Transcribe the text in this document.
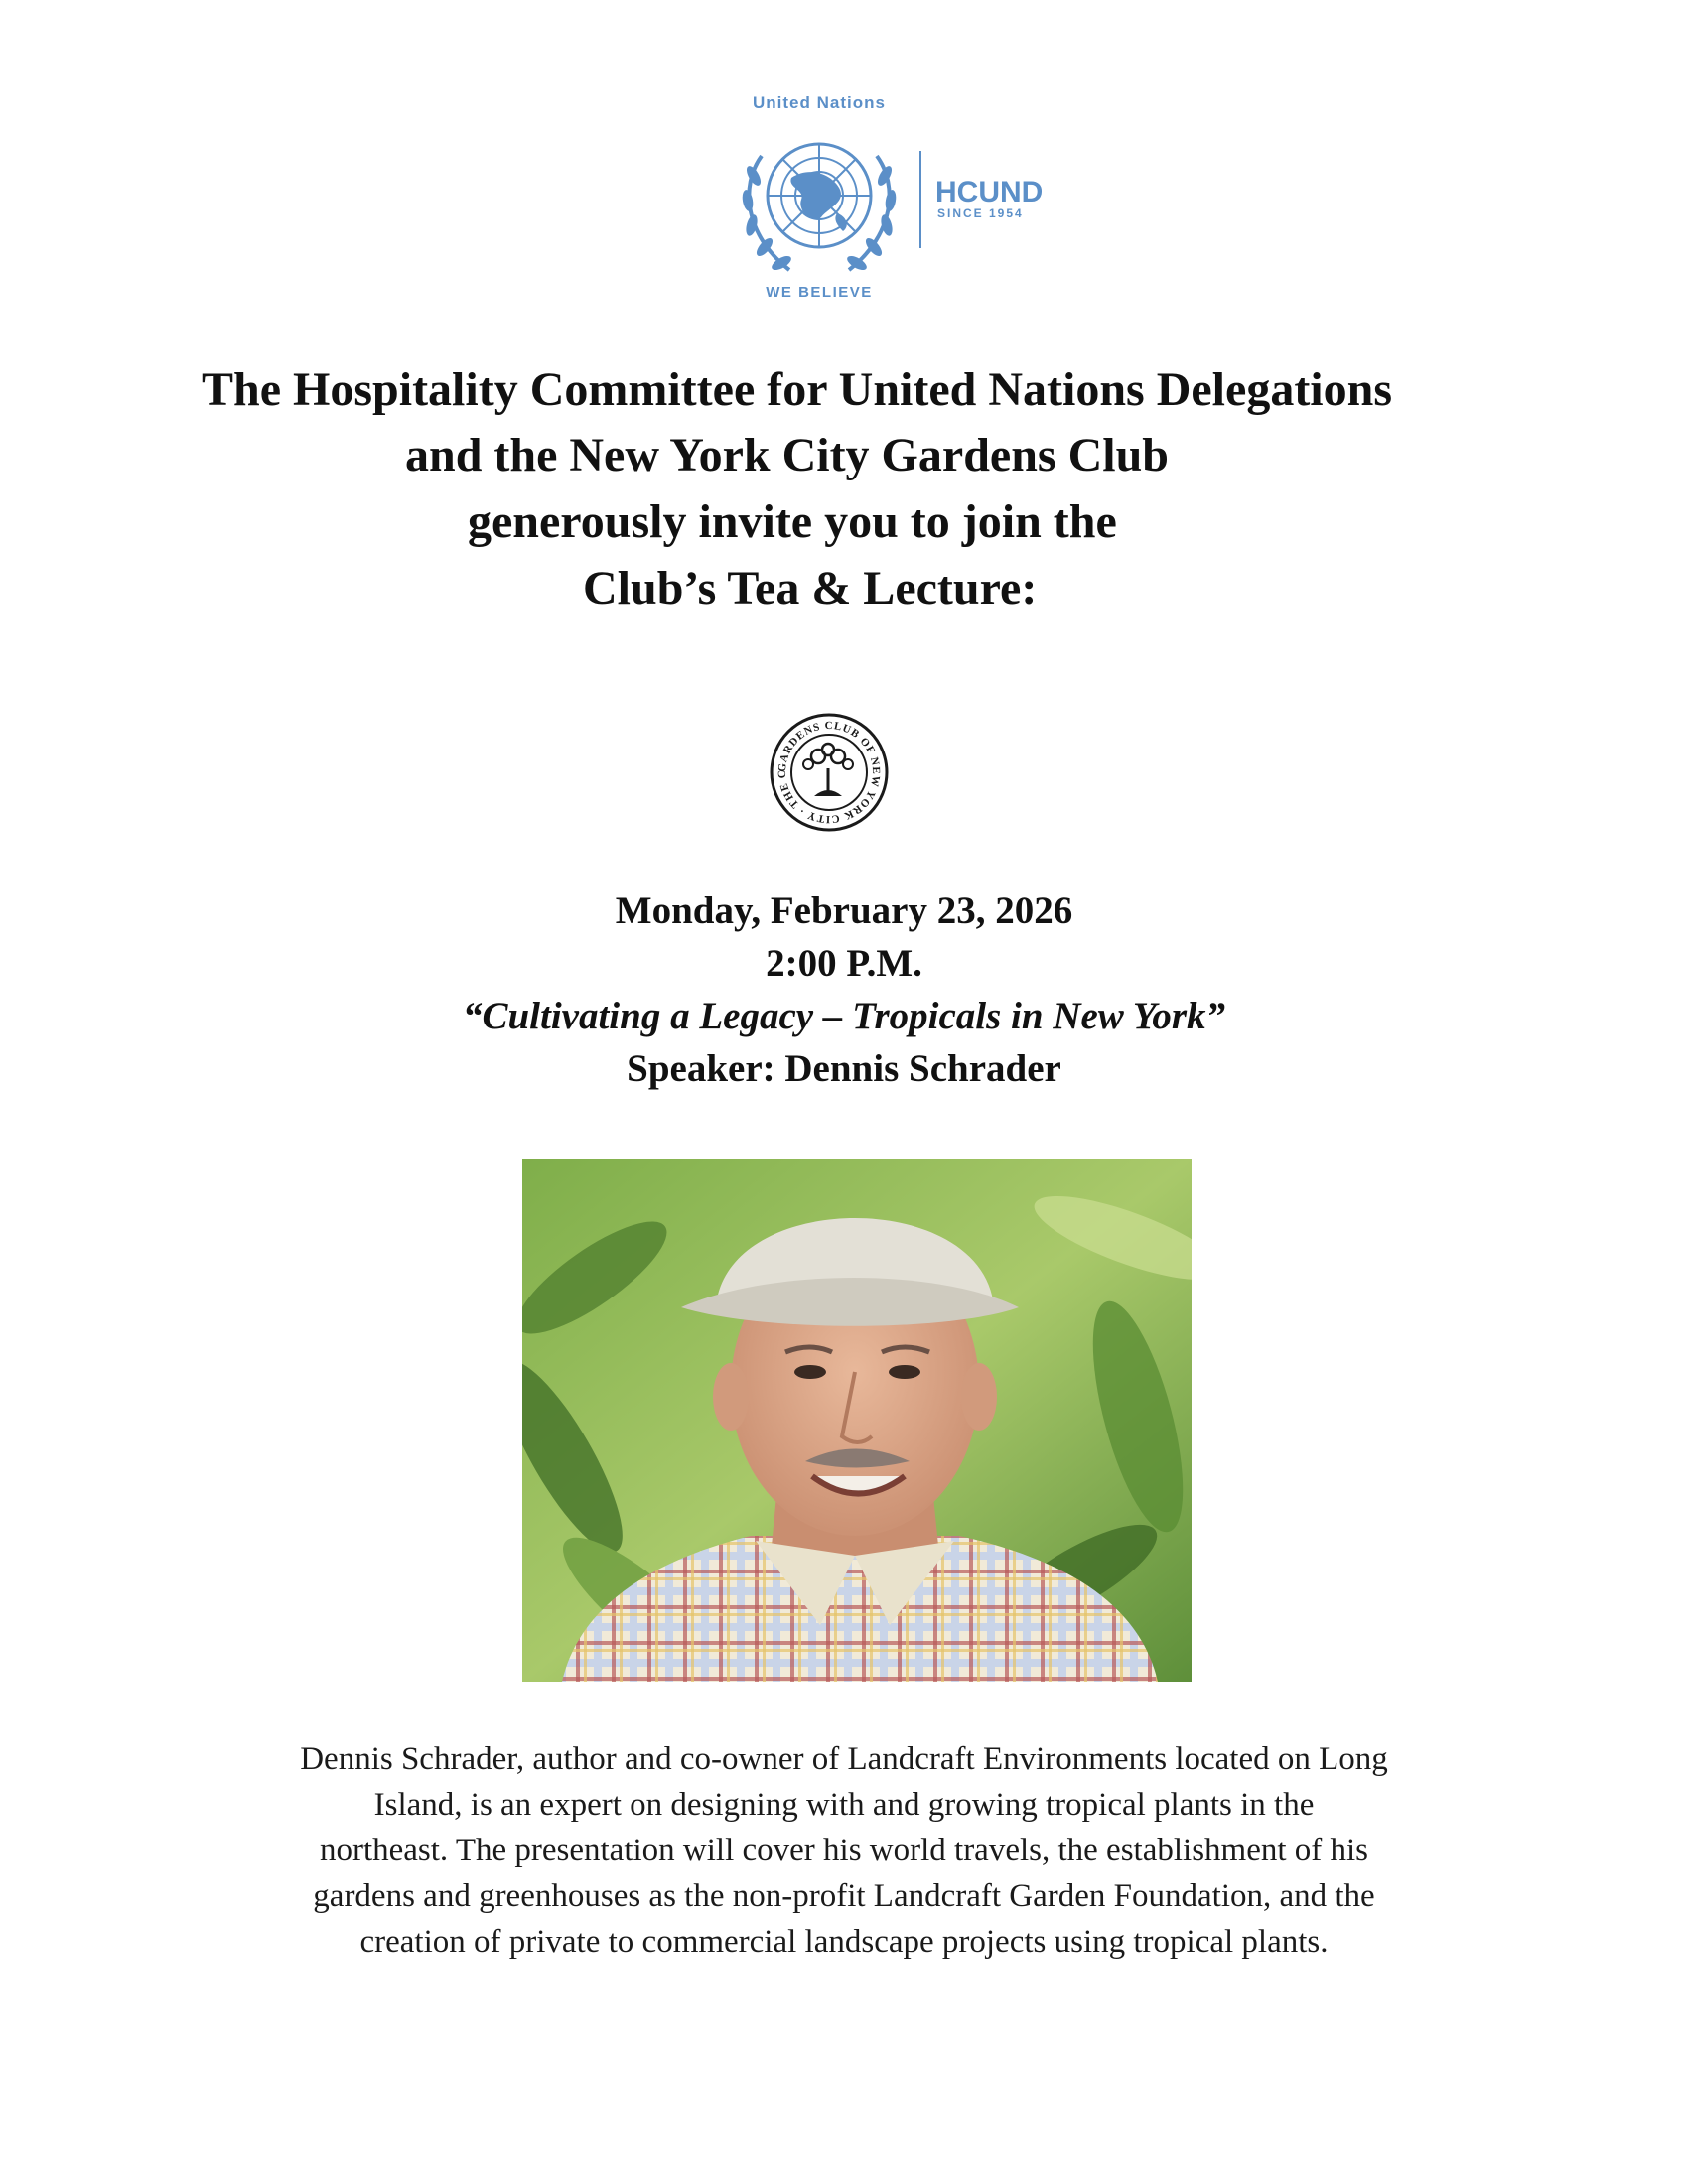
United Nations
WE BELIEVE
HCUND
SINCE 1954
The Hospitality Committee for United Nations Delegations
and the New York City Gardens Club
generously invite you to join the
Club’s Tea & Lecture:
GARDENS CLUB OF NEW YORK CITY · THE C
Monday, February 23, 2026
2:00 P.M.
“Cultivating a Legacy – Tropicals in New York”
Speaker: Dennis Schrader
Dennis Schrader, author and co-owner of Landcraft Environments located on Long
Island, is an expert on designing with and growing tropical plants in the
northeast. The presentation will cover his world travels, the establishment of his
gardens and greenhouses as the non-profit Landcraft Garden Foundation, and the
creation of private to commercial landscape projects using tropical plants.
